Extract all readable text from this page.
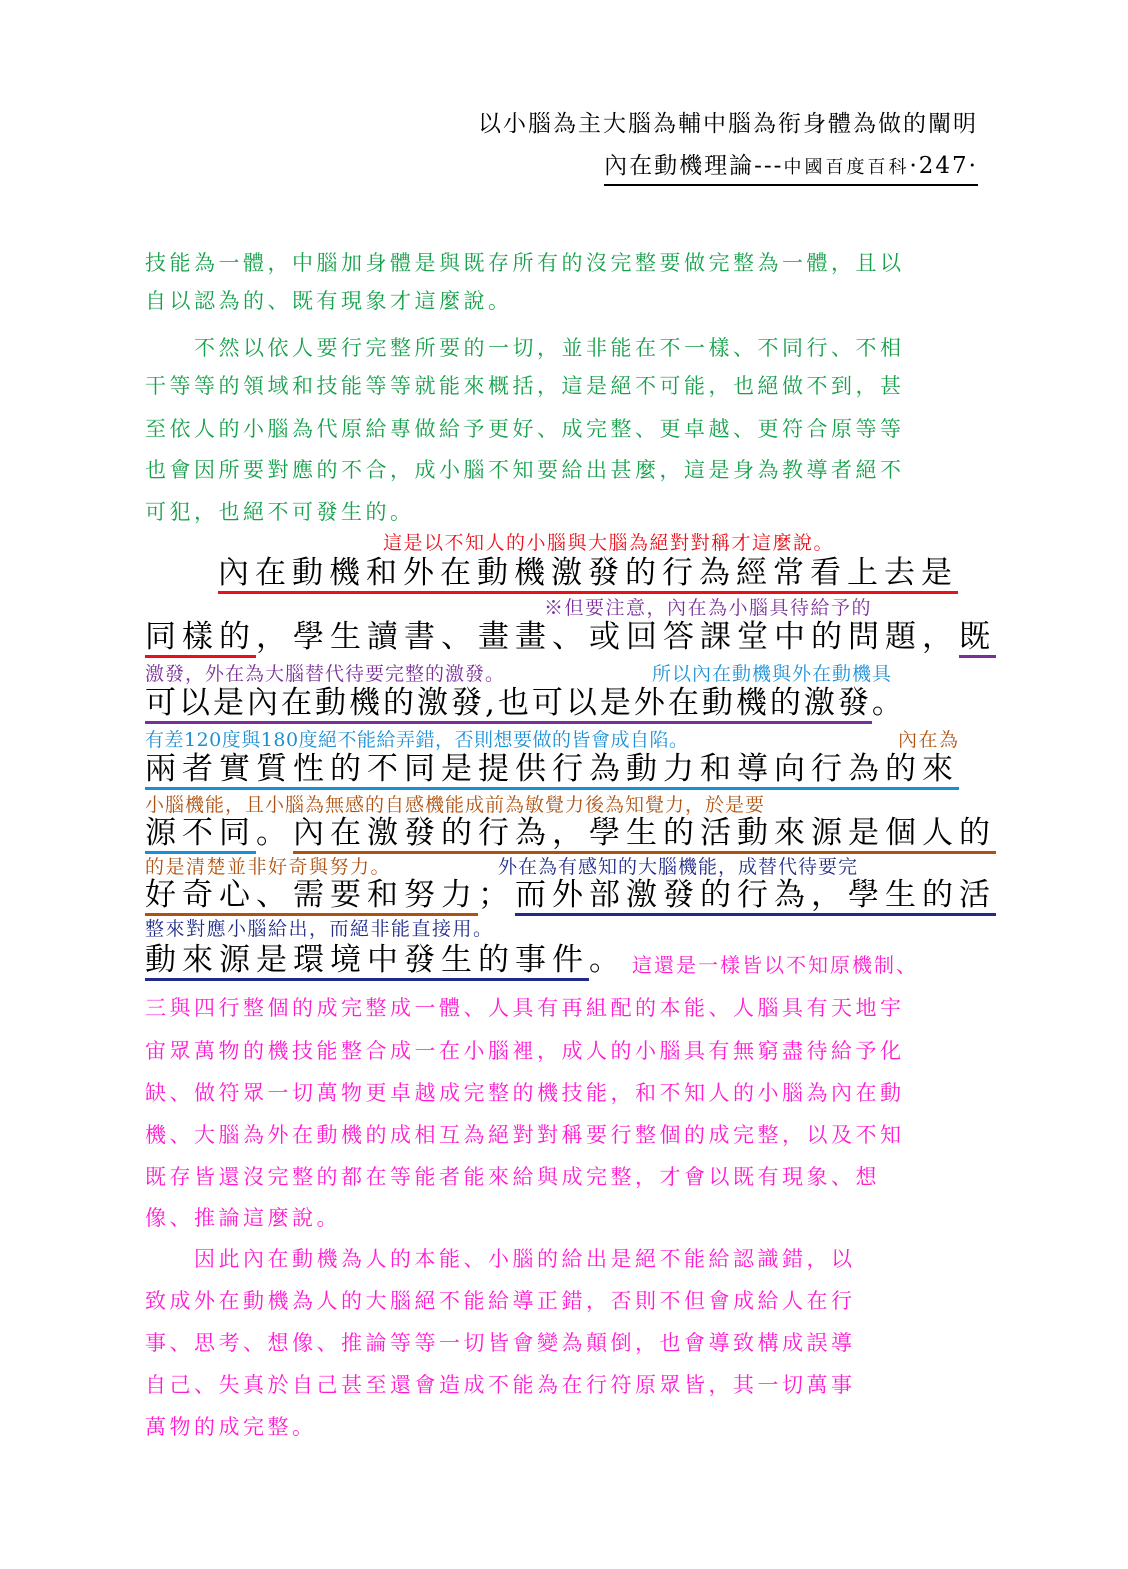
以小腦為主大腦為輔中腦為衔身體為做的闡明
內在動機理論---中國百度百科·247·
技能為一體，中腦加身體是與既存所有的沒完整要做完整為一體，且以
自以認為的、既有現象才這麼說。
　　不然以依人要行完整所要的一切，並非能在不一樣、不同行、不相
干等等的領域和技能等等就能來概括，這是絕不可能，也絕做不到，甚
至依人的小腦為代原給專做給予更好、成完整、更卓越、更符合原等等
也會因所要對應的不合，成小腦不知要給出甚麼，這是身為教導者絕不
可犯，也絕不可發生的。
這是以不知人的小腦與大腦為絕對對稱才這麼說。
內在動機和外在動機激發的行為經常看上去是
※但要注意，內在為小腦具待給予的
同樣的，學生讀書、畫畫、或回答課堂中的問題，既
激發，外在為大腦替代待要完整的激發。	所以內在動機與外在動機具
可以是內在動機的激發,也可以是外在動機的激發。
有差120度與180度絕不能給弄錯，否則想要做的皆會成自陷。	內在為
兩者實質性的不同是提供行為動力和導向行為的來
小腦機能，且小腦為無感的自感機能成前為敏覺力後為知覺力，於是要
源不同。內在激發的行為，學生的活動來源是個人的
的是清楚並非好奇與努力。	外在為有感知的大腦機能，成替代待要完
好奇心、需要和努力；而外部激發的行為，學生的活
整來對應小腦給出，而絕非能直接用。
動來源是環境中發生的事件。 這還是一樣皆以不知原機制、
三與四行整個的成完整成一體、人具有再組配的本能、人腦具有天地宇
宙眾萬物的機技能整合成一在小腦裡，成人的小腦具有無窮盡待給予化
缺、做符眾一切萬物更卓越成完整的機技能，和不知人的小腦為內在動
機、大腦為外在動機的成相互為絕對對稱要行整個的成完整，以及不知
既存皆還沒完整的都在等能者能來給與成完整，才會以既有現象、想
像、推論這麼說。
　　因此內在動機為人的本能、小腦的給出是絕不能給認識錯，以
致成外在動機為人的大腦絕不能給導正錯，否則不但會成給人在行
事、思考、想像、推論等等一切皆會變為顛倒，也會導致構成誤導
自己、失真於自己甚至還會造成不能為在行符原眾皆，其一切萬事
萬物的成完整。
